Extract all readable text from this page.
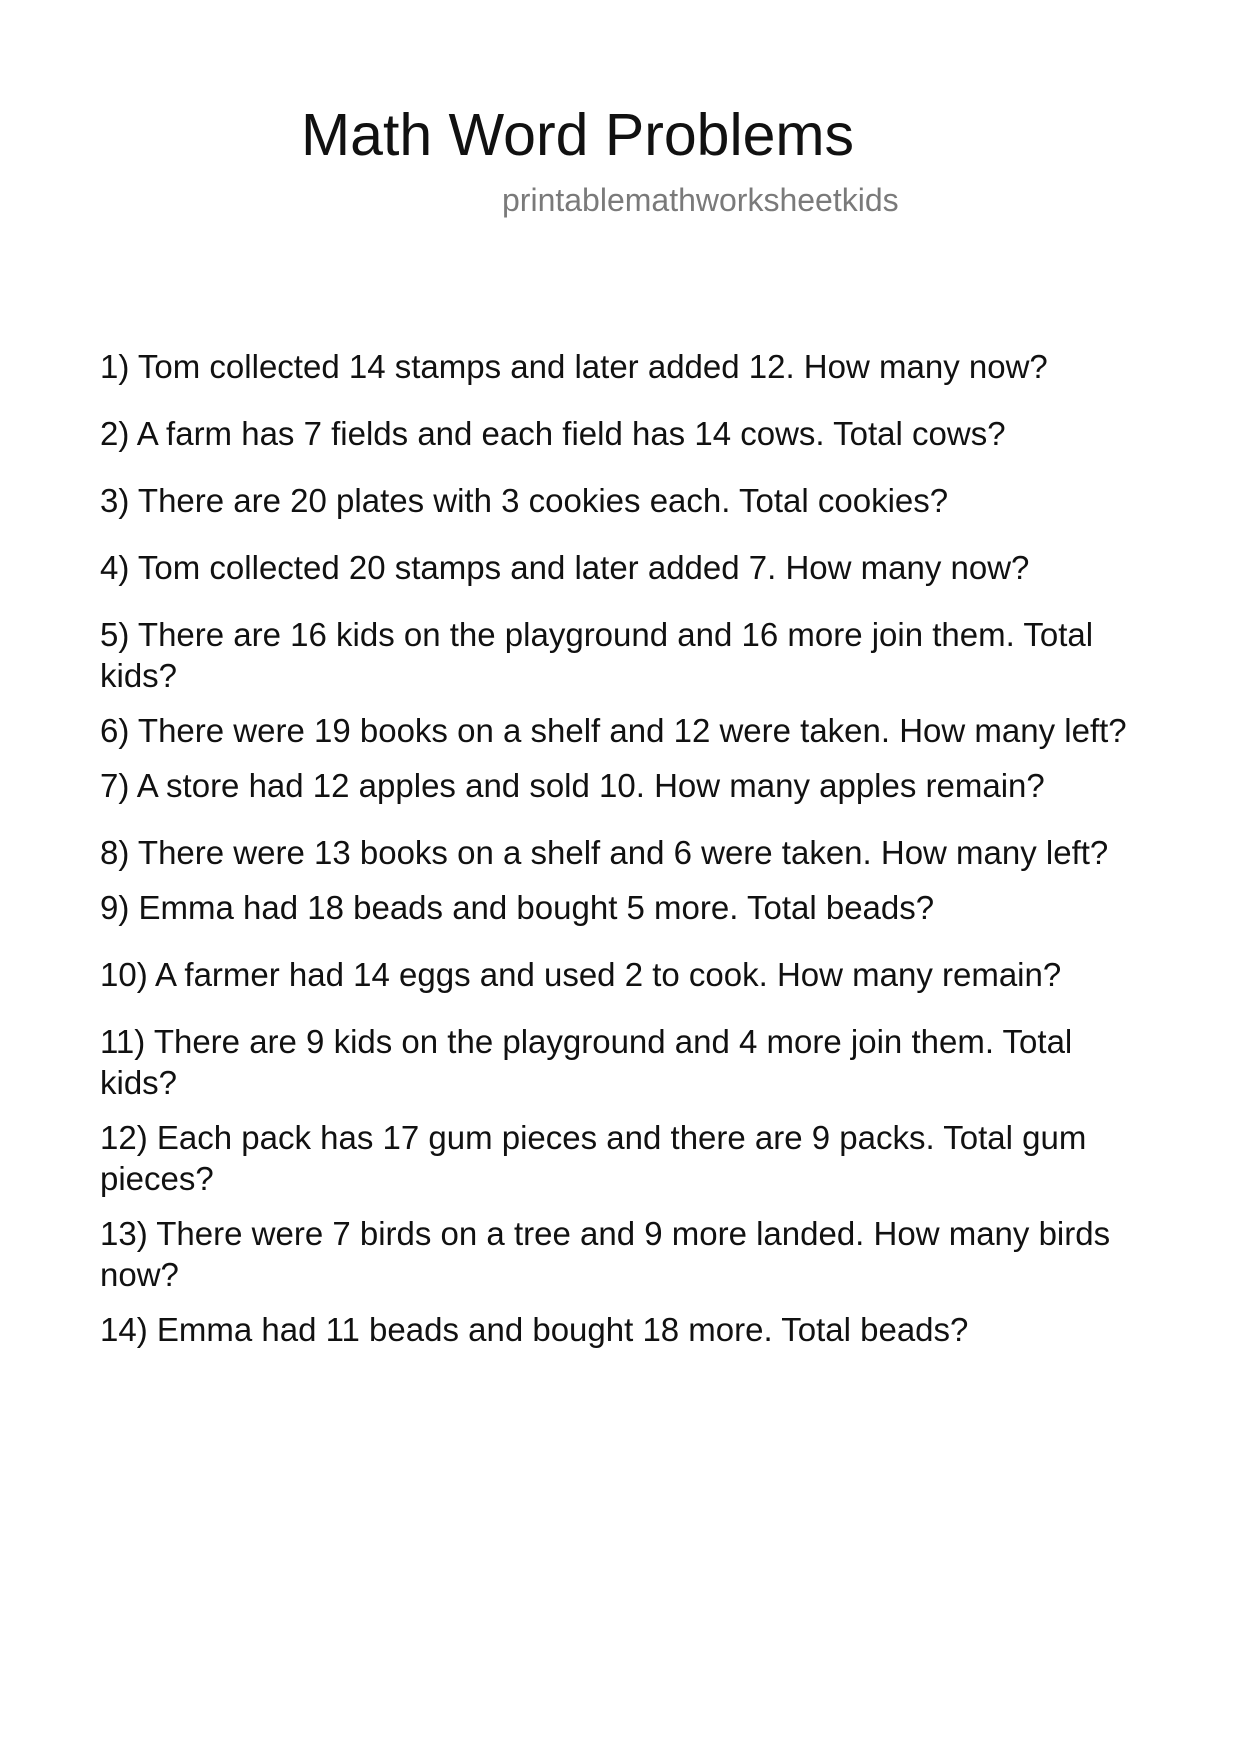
Math Word Problems
printablemathworksheetkids
1) Tom collected 14 stamps and later added 12. How many now?
2) A farm has 7 fields and each field has 14 cows. Total cows?
3) There are 20 plates with 3 cookies each. Total cookies?
4) Tom collected 20 stamps and later added 7. How many now?
5) There are 16 kids on the playground and 16 more join them. Total kids?
6) There were 19 books on a shelf and 12 were taken. How many left?
7) A store had 12 apples and sold 10. How many apples remain?
8) There were 13 books on a shelf and 6 were taken. How many left?
9) Emma had 18 beads and bought 5 more. Total beads?
10) A farmer had 14 eggs and used 2 to cook. How many remain?
11) There are 9 kids on the playground and 4 more join them. Total kids?
12) Each pack has 17 gum pieces and there are 9 packs. Total gum pieces?
13) There were 7 birds on a tree and 9 more landed. How many birds now?
14) Emma had 11 beads and bought 18 more. Total beads?
